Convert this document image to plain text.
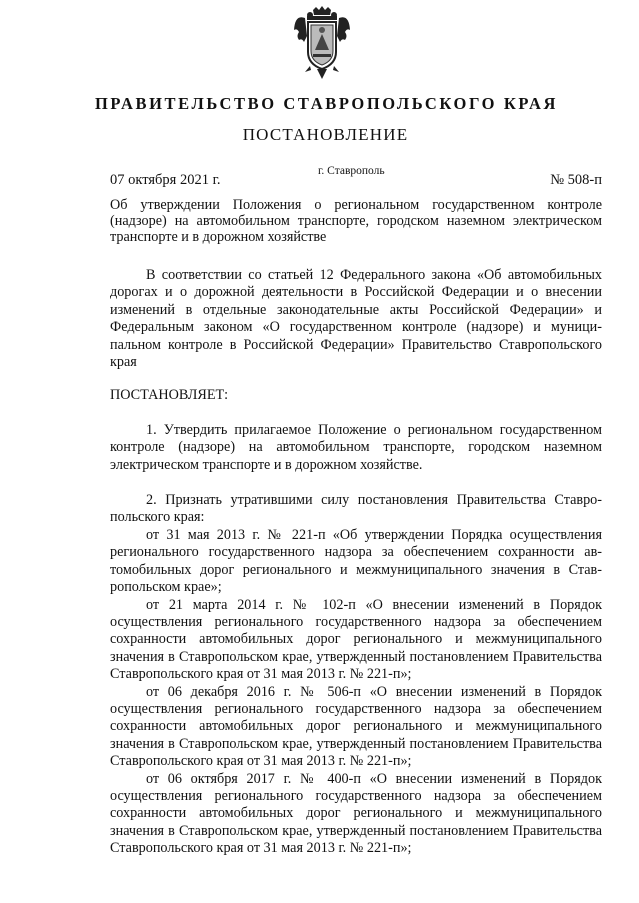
ПРАВИТЕЛЬСТВО СТАВРОПОЛЬСКОГО КРАЯ
ПОСТАНОВЛЕНИЕ
г. Ставрополь
07 октября 2021 г.	№ 508-п
Об утверждении Положения о региональном государственном контроле (надзоре) на автомобильном транспорте, городском наземном электрическом транспорте и в дорожном хозяйстве

В соответствии со статьей 12 Федерального закона «Об автомобильных дорогах и о дорожной деятельности в Российской Федерации и о внесении изменений в отдельные законодательные акты Российской Федерации» и Федеральным законом «О государственном контроле (надзоре) и муниципальном контроле в Российской Федерации» Правительство Ставропольского края

ПОСТАНОВЛЯЕТ:

1. Утвердить прилагаемое Положение о региональном государственном контроле (надзоре) на автомобильном транспорте, городском наземном электрическом транспорте и в дорожном хозяйстве.

2. Признать утратившими силу постановления Правительства Ставропольского края:

от 31 мая 2013 г. № 221-п «Об утверждении Порядка осуществления регионального государственного надзора за обеспечением сохранности автомобильных дорог регионального и межмуниципального значения в Ставропольском крае»;

от 21 марта 2014 г. № 102-п «О внесении изменений в Порядок осуществления регионального государственного надзора за обеспечением сохранности автомобильных дорог регионального и межмуниципального значения в Ставропольском крае, утвержденный постановлением Правительства Ставропольского края от 31 мая 2013 г. № 221-п»;

от 06 декабря 2016 г. № 506-п «О внесении изменений в Порядок осуществления регионального государственного надзора за обеспечением сохранности автомобильных дорог регионального и межмуниципального значения в Ставропольском крае, утвержденный постановлением Правительства Ставропольского края от 31 мая 2013 г. № 221-п»;

от 06 октября 2017 г. № 400-п «О внесении изменений в Порядок осуществления регионального государственного надзора за обеспечением сохранности автомобильных дорог регионального и межмуниципального значения в Ставропольском крае, утвержденный постановлением Правительства Ставропольского края от 31 мая 2013 г. № 221-п»;
